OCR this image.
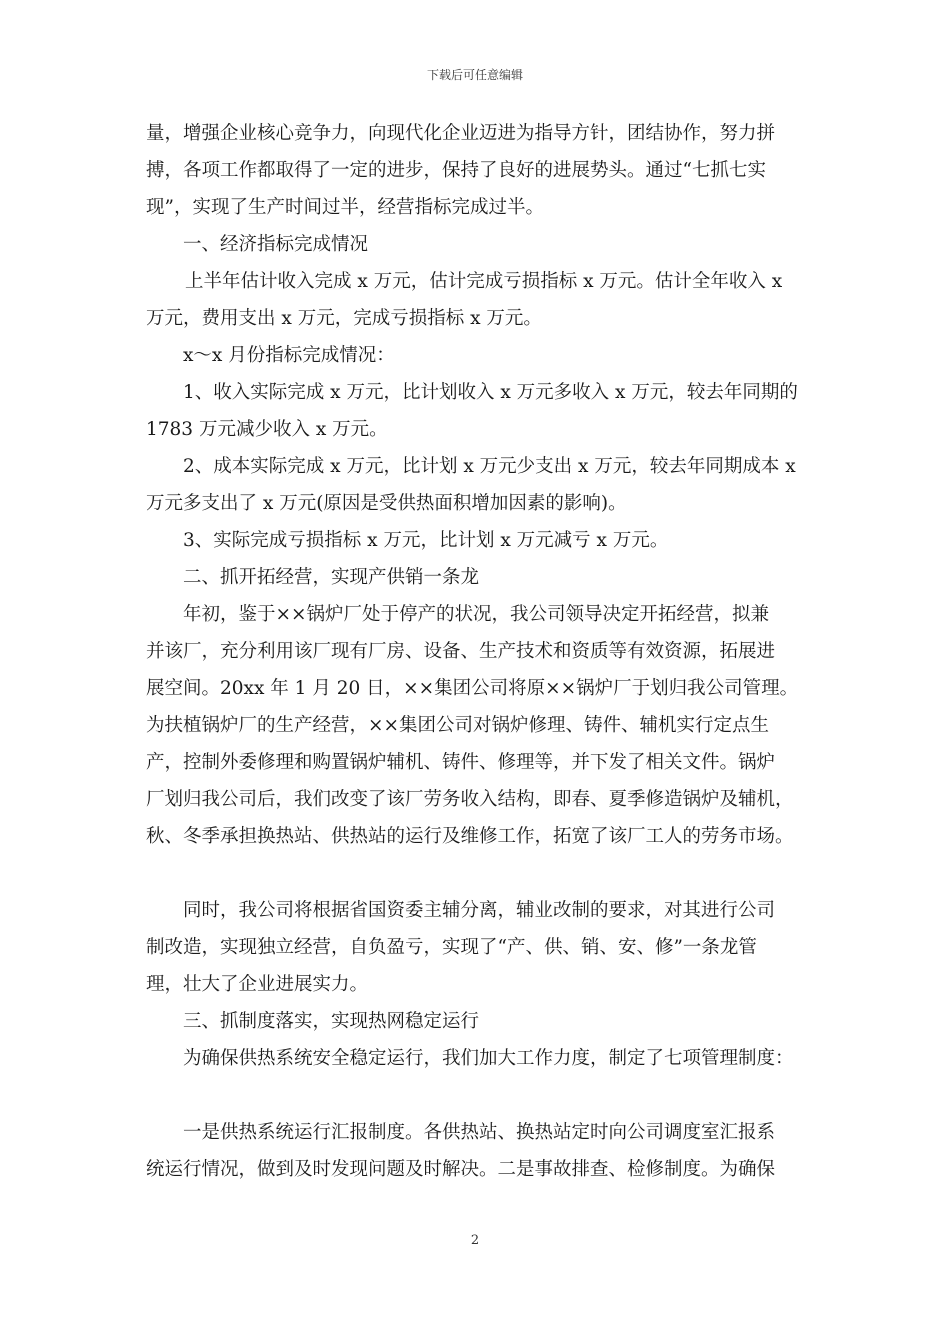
下载后可任意编辑
量，增强企业核心竞争力，向现代化企业迈进为指导方针，团结协作，努力拼
搏，各项工作都取得了一定的进步，保持了良好的进展势头。通过“七抓七实
现”，实现了生产时间过半，经营指标完成过半。
一、经济指标完成情况
上半年估计收入完成 x 万元，估计完成亏损指标 x 万元。估计全年收入 x
万元，费用支出 x 万元，完成亏损指标 x 万元。
x～x 月份指标完成情况：
1、收入实际完成 x 万元，比计划收入 x 万元多收入 x 万元，较去年同期的
1783 万元减少收入 x 万元。
2、成本实际完成 x 万元，比计划 x 万元少支出 x 万元，较去年同期成本 x
万元多支出了 x 万元(原因是受供热面积增加因素的影响)。
3、实际完成亏损指标 x 万元，比计划 x 万元减亏 x 万元。
二、抓开拓经营，实现产供销一条龙
年初，鉴于××锅炉厂处于停产的状况，我公司领导决定开拓经营，拟兼
并该厂，充分利用该厂现有厂房、设备、生产技术和资质等有效资源，拓展进
展空间。20xx 年 1 月 20 日，××集团公司将原××锅炉厂于划归我公司管理。
为扶植锅炉厂的生产经营，××集团公司对锅炉修理、铸件、辅机实行定点生
产，控制外委修理和购置锅炉辅机、铸件、修理等，并下发了相关文件。锅炉
厂划归我公司后，我们改变了该厂劳务收入结构，即春、夏季修造锅炉及辅机，
秋、冬季承担换热站、供热站的运行及维修工作，拓宽了该厂工人的劳务市场。
同时，我公司将根据省国资委主辅分离，辅业改制的要求，对其进行公司
制改造，实现独立经营，自负盈亏，实现了“产、供、销、安、修”一条龙管
理，壮大了企业进展实力。
三、抓制度落实，实现热网稳定运行
为确保供热系统安全稳定运行，我们加大工作力度，制定了七项管理制度：
一是供热系统运行汇报制度。各供热站、换热站定时向公司调度室汇报系
统运行情况，做到及时发现问题及时解决。二是事故排查、检修制度。为确保
2
